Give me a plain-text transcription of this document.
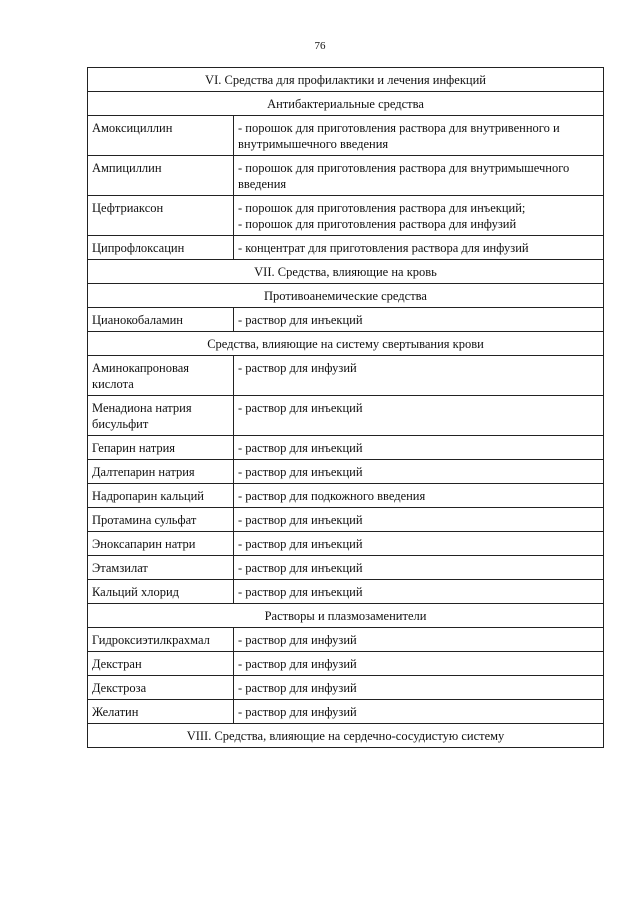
76
VI. Средства для профилактики и лечения инфекций	
Антибактериальные средства	
Амоксициллин	- порошок для приготовления раствора для внутривенного и внутримышечного введения

Ампициллин	- порошок для приготовления раствора для внутримышечного введения

Цефтриаксон	- порошок для приготовления раствора для инъекций;
- порошок для приготовления раствора для инфузий

Ципрофлоксацин	- концентрат для приготовления раствора для инфузий

VII. Средства, влияющие на кровь	
Противоанемические средства	
Цианокобаламин	- раствор для инъекций

Средства, влияющие на систему свертывания крови	
Аминокапроновая кислота	- раствор для инфузий

Менадиона натрия бисульфит	- раствор для инъекций

Гепарин натрия	- раствор для инъекций

Далтепарин натрия	- раствор для инъекций

Надропарин кальций	- раствор для подкожного введения

Протамина сульфат	- раствор для инъекций

Эноксапарин натри	- раствор для инъекций

Этамзилат	- раствор для инъекций

Кальций хлорид	- раствор для инъекций

Растворы и плазмозаменители	
Гидроксиэтилкрахмал	- раствор для инфузий

Декстран	- раствор для инфузий

Декстроза	- раствор для инфузий

Желатин	- раствор для инфузий

VIII. Средства, влияющие на сердечно-сосудистую систему	
